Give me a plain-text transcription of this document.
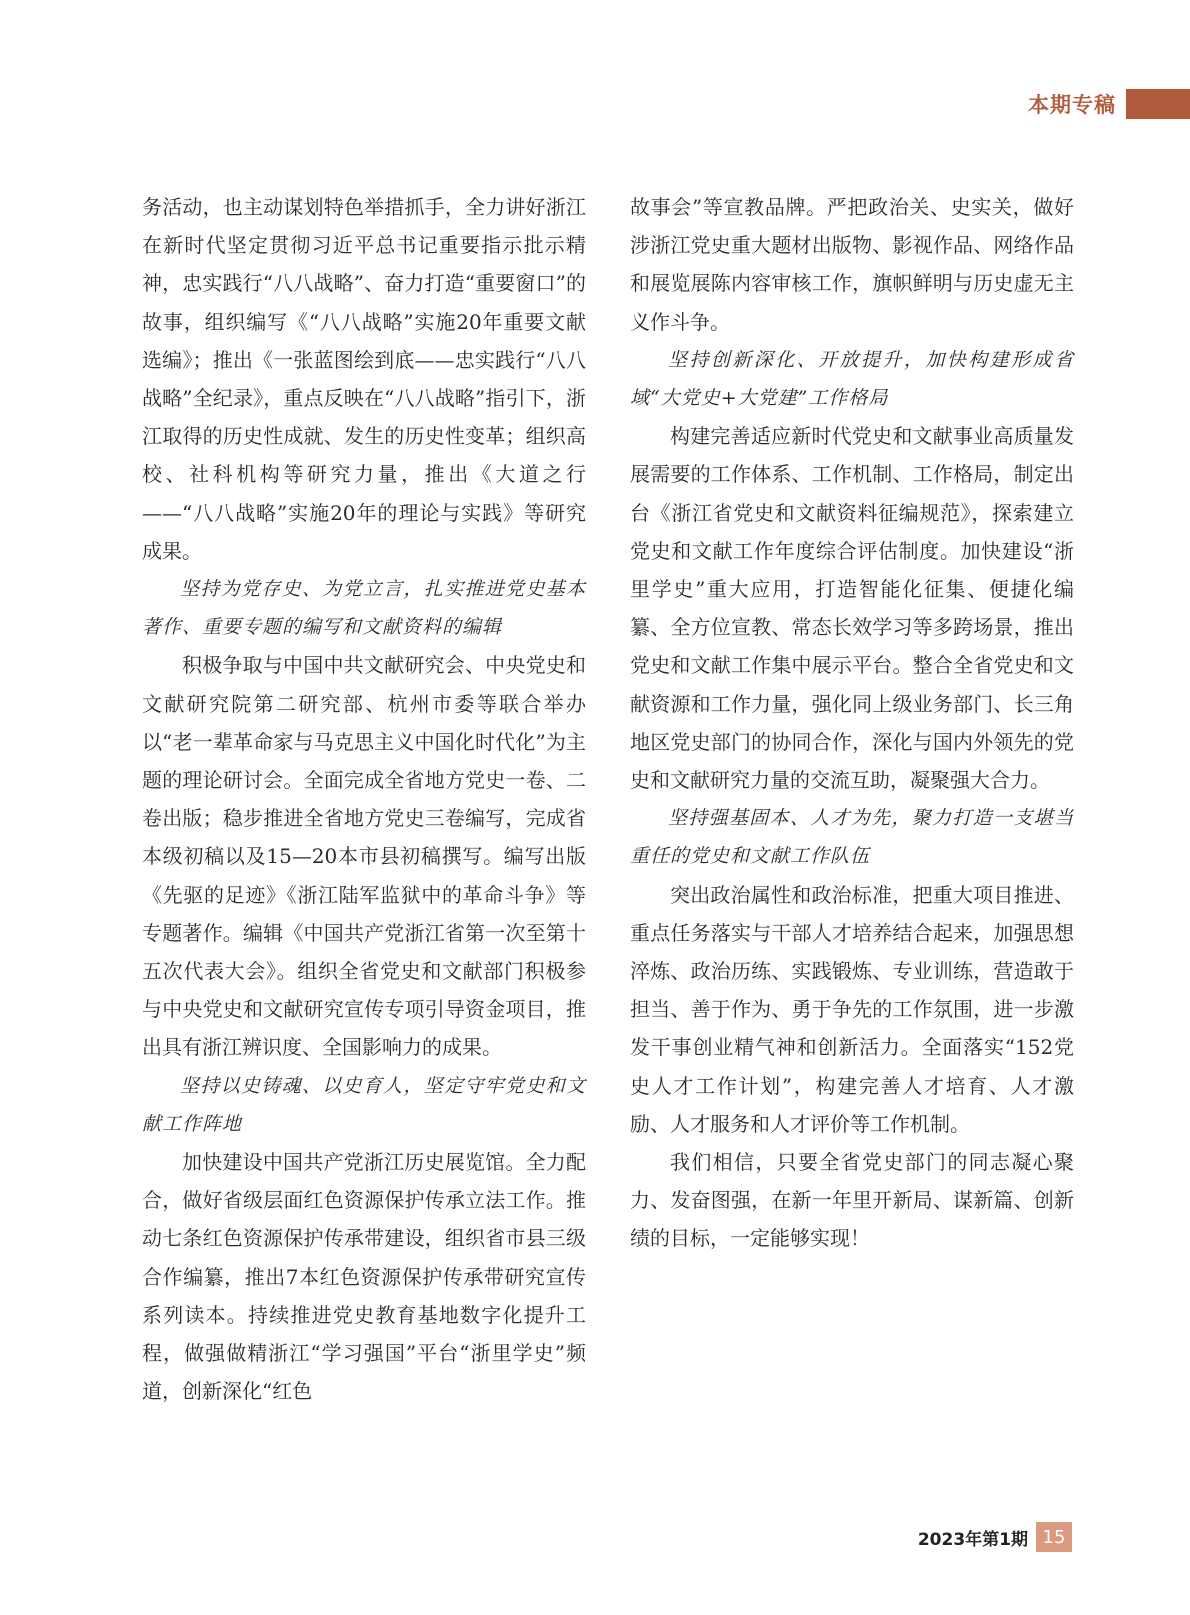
本期专稿

务活动，也主动谋划特色举措抓手，全力讲好浙江在新时代坚定贯彻习近平总书记重要指示批示精神，忠实践行“八八战略”、奋力打造“重要窗口”的故事，组织编写《“八八战略”实施20年重要文献选编》；推出《一张蓝图绘到底——忠实践行“八八战略”全纪录》，重点反映在“八八战略”指引下，浙江取得的历史性成就、发生的历史性变革；组织高校、社科机构等研究力量，推出《大道之行——“八八战略”实施20年的理论与实践》等研究成果。

坚持为党存史、为党立言，扎实推进党史基本著作、重要专题的编写和文献资料的编辑

积极争取与中国中共文献研究会、中央党史和文献研究院第二研究部、杭州市委等联合举办以“老一辈革命家与马克思主义中国化时代化”为主题的理论研讨会。全面完成全省地方党史一卷、二卷出版；稳步推进全省地方党史三卷编写，完成省本级初稿以及15—20本市县初稿撰写。编写出版《先驱的足迹》《浙江陆军监狱中的革命斗争》等专题著作。编辑《中国共产党浙江省第一次至第十五次代表大会》。组织全省党史和文献部门积极参与中央党史和文献研究宣传专项引导资金项目，推出具有浙江辨识度、全国影响力的成果。

坚持以史铸魂、以史育人，坚定守牢党史和文献工作阵地

加快建设中国共产党浙江历史展览馆。全力配合，做好省级层面红色资源保护传承立法工作。推动七条红色资源保护传承带建设，组织省市县三级合作编纂，推出7本红色资源保护传承带研究宣传系列读本。持续推进党史教育基地数字化提升工程，做强做精浙江“学习强国”平台“浙里学史”频道，创新深化“红色

故事会”等宣教品牌。严把政治关、史实关，做好涉浙江党史重大题材出版物、影视作品、网络作品和展览展陈内容审核工作，旗帜鲜明与历史虚无主义作斗争。

坚持创新深化、开放提升，加快构建形成省域“大党史+大党建”工作格局

构建完善适应新时代党史和文献事业高质量发展需要的工作体系、工作机制、工作格局，制定出台《浙江省党史和文献资料征编规范》，探索建立党史和文献工作年度综合评估制度。加快建设“浙里学史”重大应用，打造智能化征集、便捷化编纂、全方位宣教、常态长效学习等多跨场景，推出党史和文献工作集中展示平台。整合全省党史和文献资源和工作力量，强化同上级业务部门、长三角地区党史部门的协同合作，深化与国内外领先的党史和文献研究力量的交流互助，凝聚强大合力。

坚持强基固本、人才为先，聚力打造一支堪当重任的党史和文献工作队伍

突出政治属性和政治标准，把重大项目推进、重点任务落实与干部人才培养结合起来，加强思想淬炼、政治历练、实践锻炼、专业训练，营造敢于担当、善于作为、勇于争先的工作氛围，进一步激发干事创业精气神和创新活力。全面落实“152党史人才工作计划”，构建完善人才培育、人才激励、人才服务和人才评价等工作机制。

我们相信，只要全省党史部门的同志凝心聚力、发奋图强，在新一年里开新局、谋新篇、创新绩的目标，一定能够实现！

2023年第1期 15
